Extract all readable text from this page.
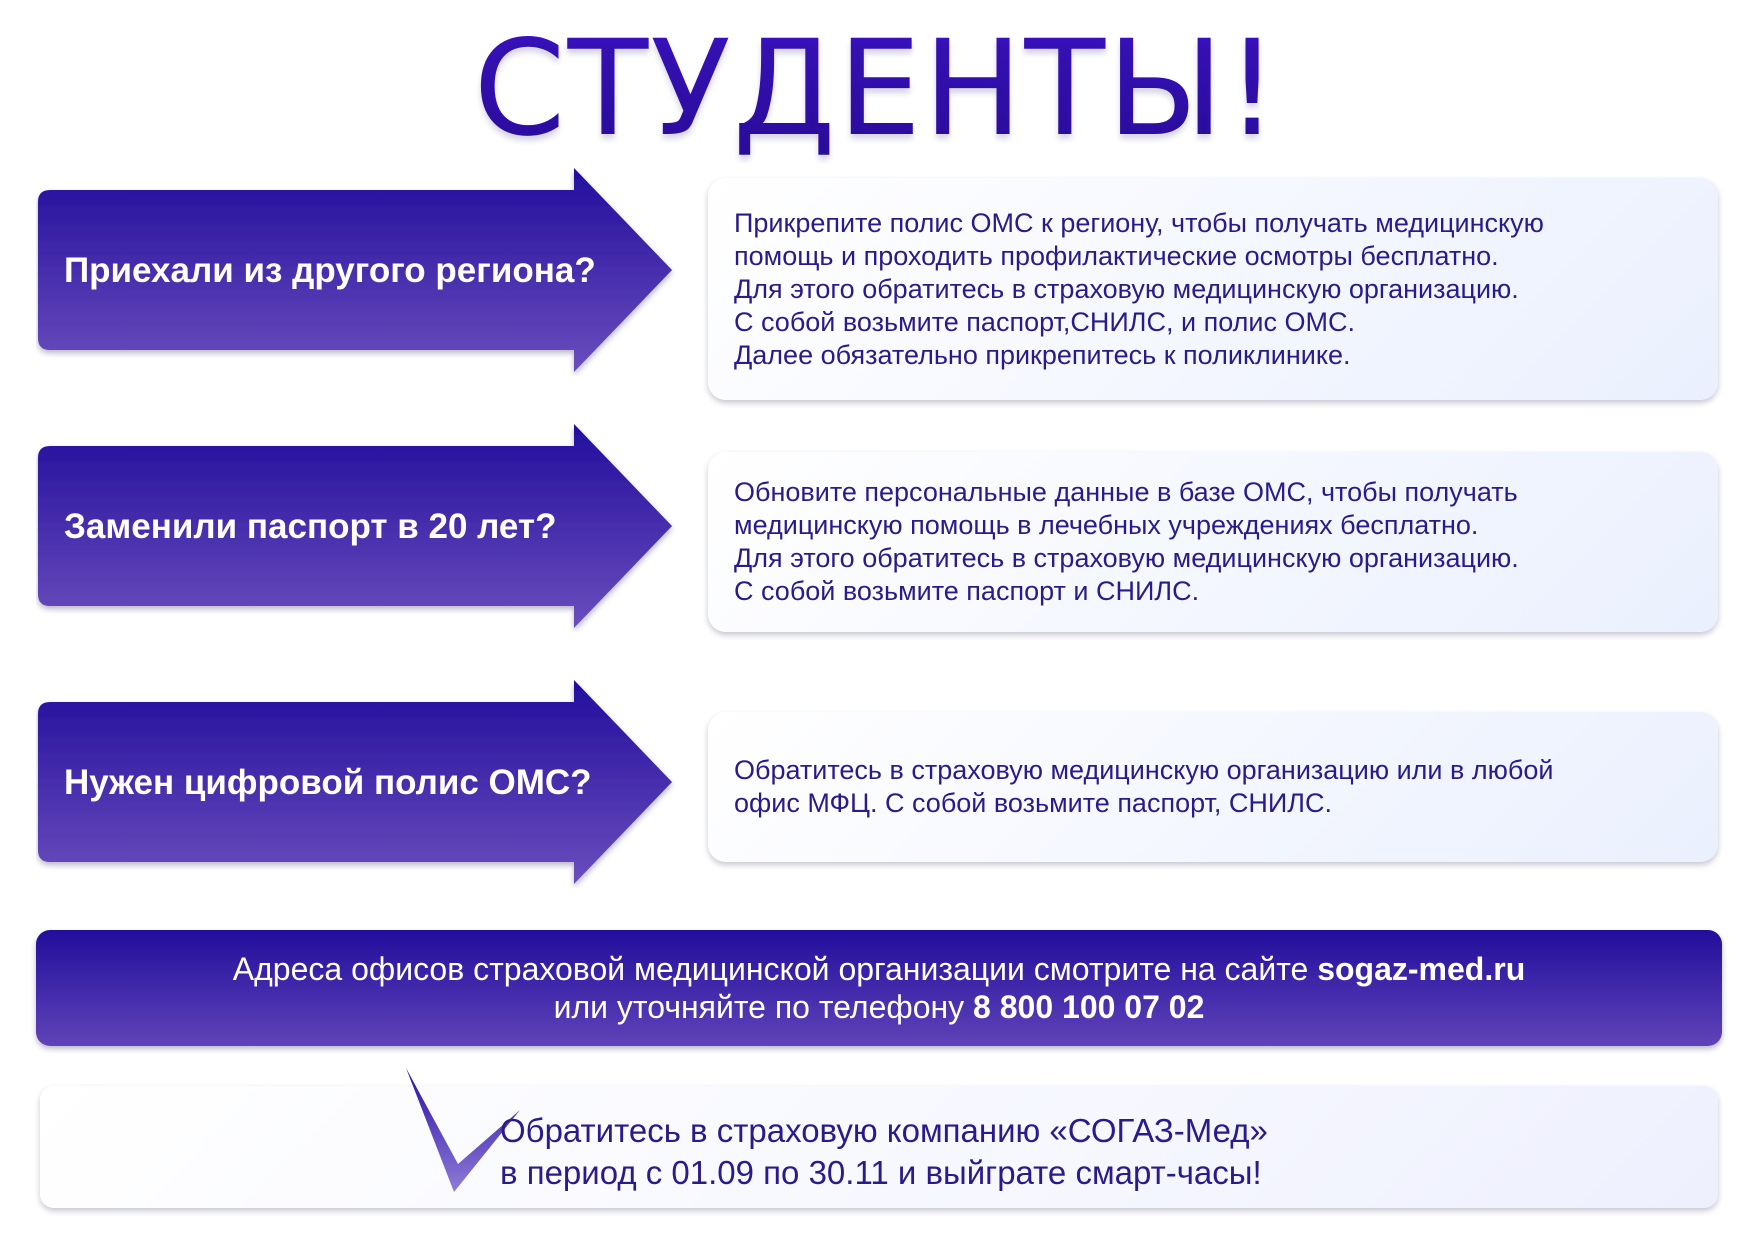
СТУДЕНТЫ!
Приехали из другого региона?
Прикрепите полис ОМС к региону, чтобы получать медицинскую
помощь и проходить профилактические осмотры бесплатно.
Для этого обратитесь в страховую медицинскую организацию.
С собой возьмите паспорт,СНИЛС, и полис ОМС.
Далее обязательно прикрепитесь к поликлинике.
Заменили паспорт в 20 лет?
Обновите персональные данные в базе ОМС, чтобы получать
медицинскую помощь в лечебных учреждениях бесплатно.
Для этого обратитесь в страховую медицинскую организацию.
С собой возьмите паспорт и СНИЛС.
Нужен цифровой полис ОМС?	Обратитесь в страховую медицинскую организацию или в любой
офис МФЦ. С собой возьмите паспорт, СНИЛС.
Адреса офисов страховой медицинской организации смотрите на сайте sogaz-med.ru
или уточняйте по телефону 8 800 100 07 02
Обратитесь в страховую компанию «СОГАЗ-Мед»
в период с 01.09 по 30.11 и выйграте смарт-часы!
